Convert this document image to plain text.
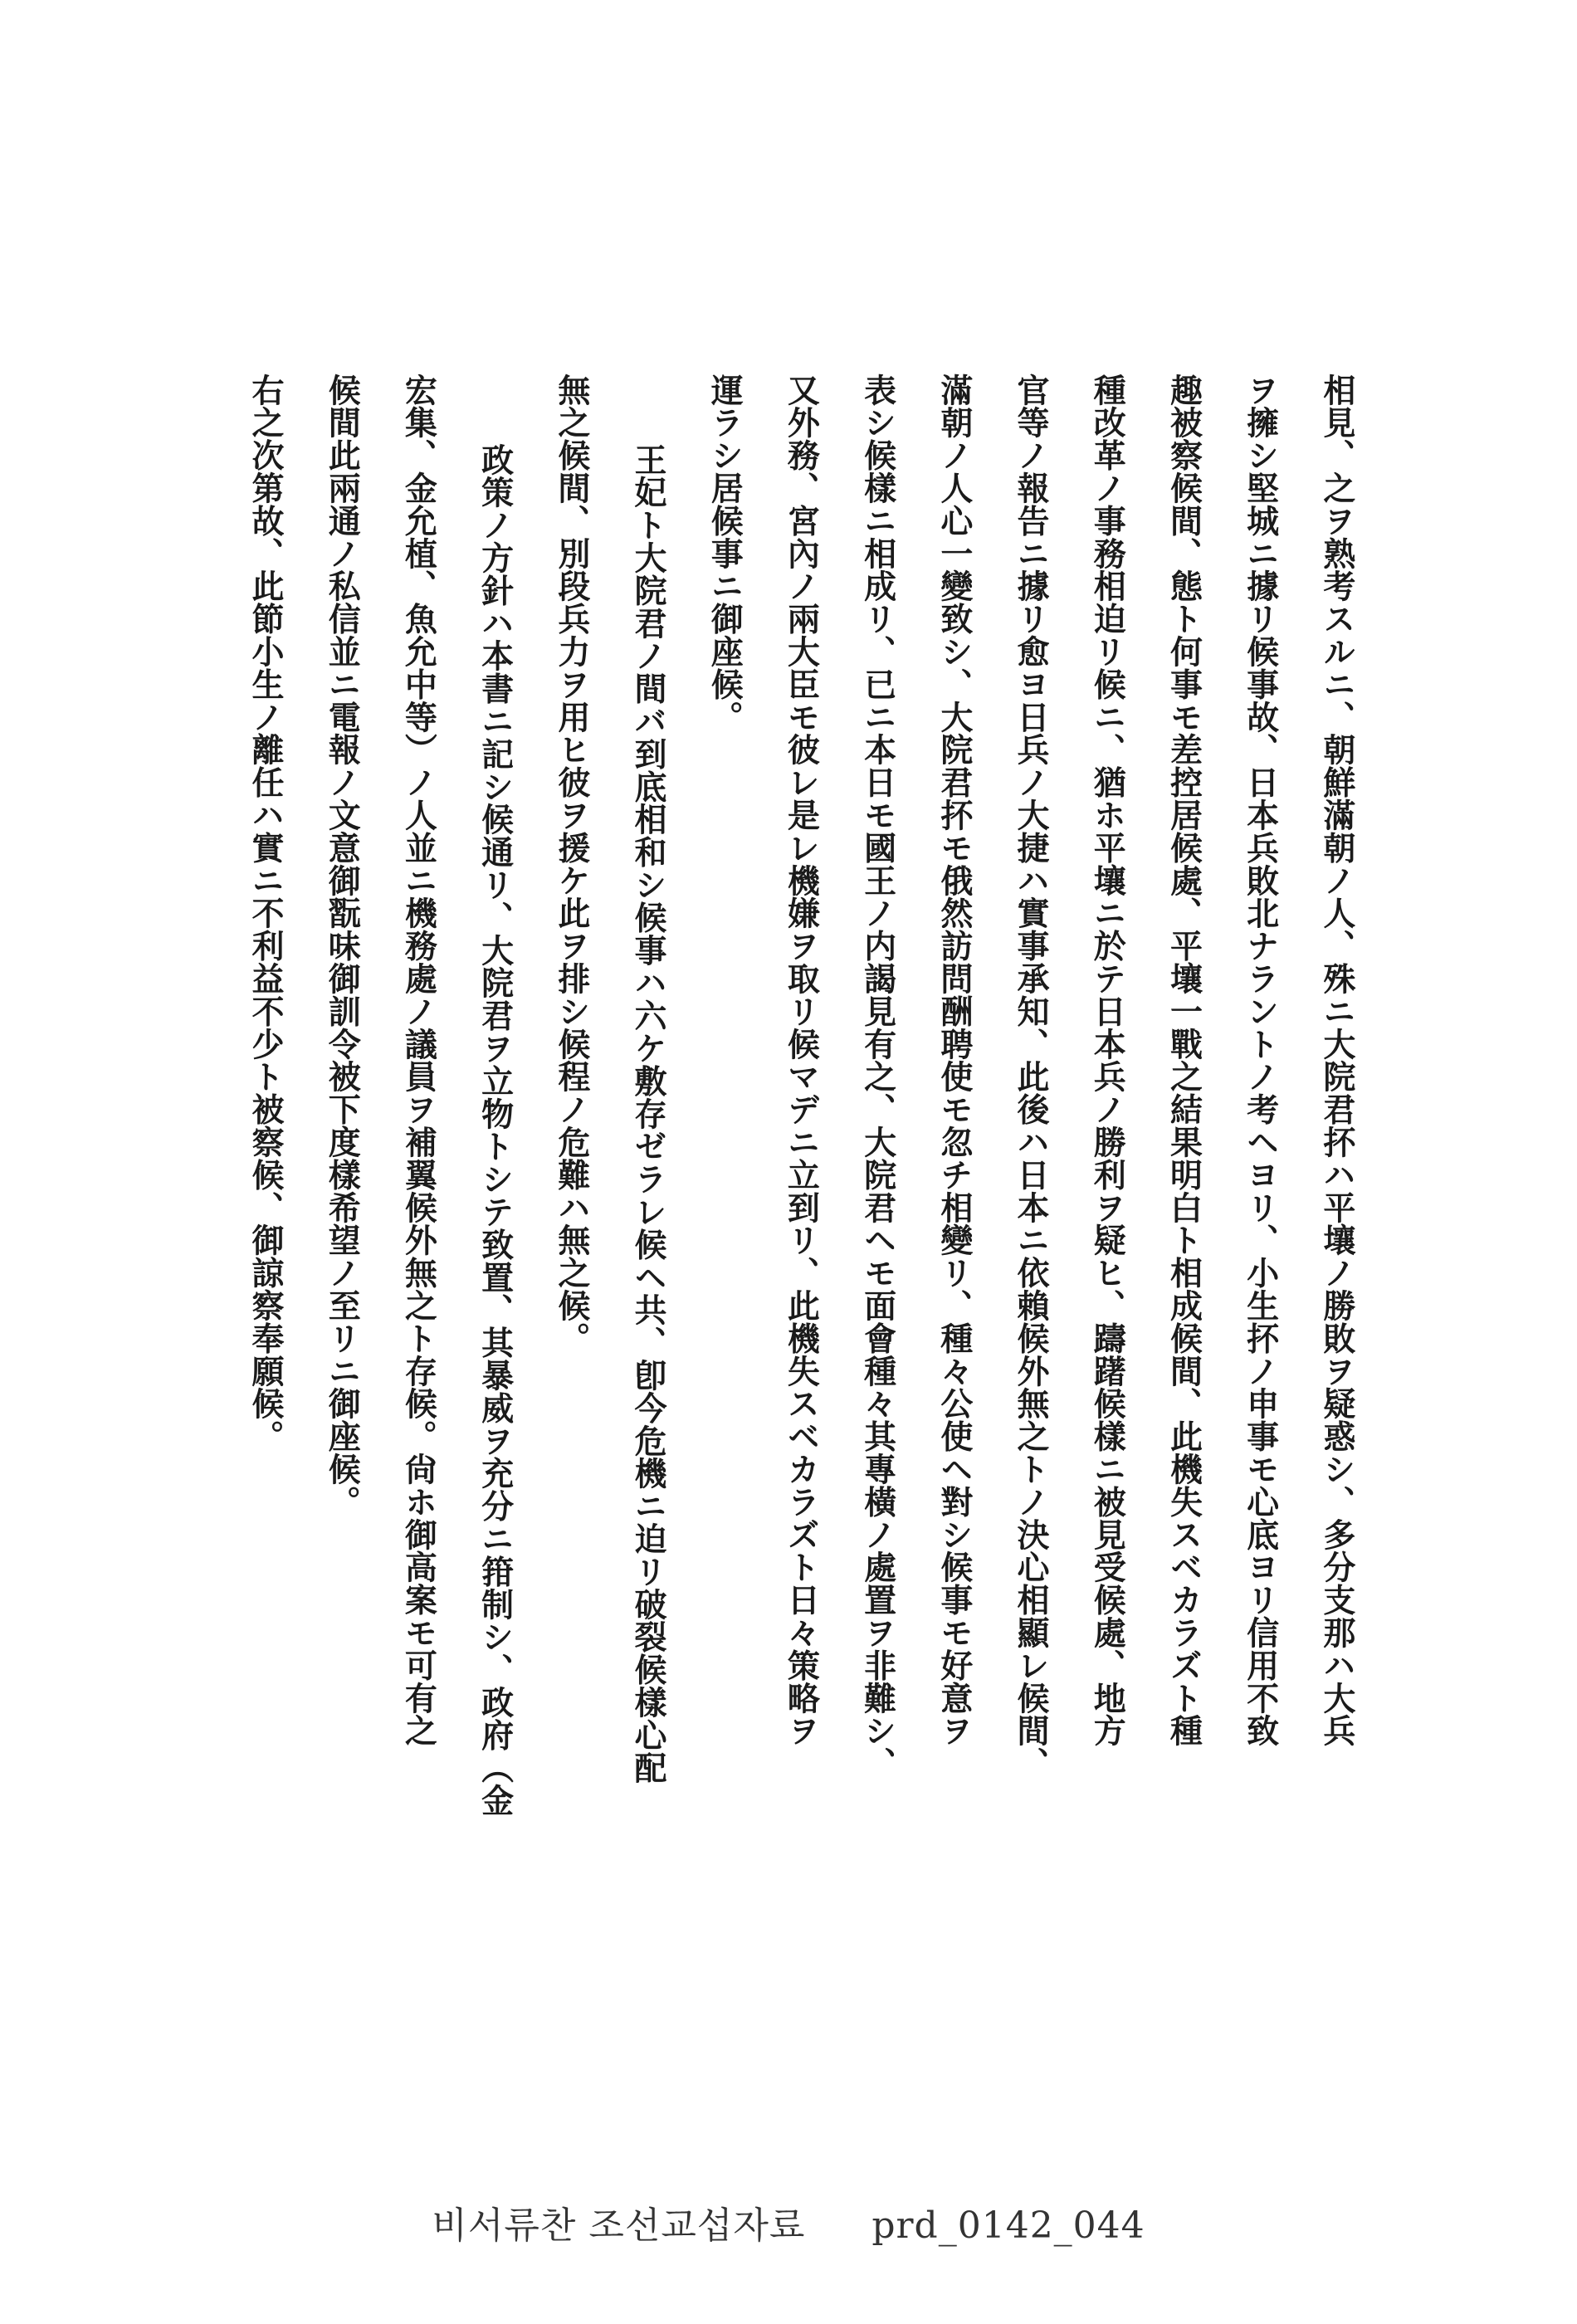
相見、之ヲ熟考スルニ、朝鮮滿朝ノ人、殊ニ大院君抔ハ平壤ノ勝敗ヲ疑惑シ、多分支那ハ大兵
ヲ擁シ堅城ニ據リ候事故、日本兵敗北ナラントノ考ヘヨリ、小生抔ノ申事モ心底ヨリ信用不致
趣被察候間、態ト何事モ差控居候處、平壤一戰之結果明白ト相成候間、此機失スベカラズト種
種改革ノ事務相迫リ候ニ、猶ホ平壤ニ於テ日本兵ノ勝利ヲ疑ヒ、躊躇候樣ニ被見受候處、地方
官等ノ報告ニ據リ愈ヨ日兵ノ大捷ハ實事承知、此後ハ日本ニ依賴候外無之トノ決心相顯レ候間、
滿朝ノ人心一變致シ、大院君抔モ俄然訪問酬聘使モ忽チ相變リ、種々公使ヘ對シ候事モ好意ヲ
表シ候樣ニ相成リ、已ニ本日モ國王ノ内謁見有之、大院君ヘモ面會種々其專橫ノ處置ヲ非難シ、
又外務、宮內ノ兩大臣モ彼レ是レ機嫌ヲ取リ候マデニ立到リ、此機失スベカラズト日々策略ヲ
運ラシ居候事ニ御座候。
王妃ト大院君ノ間バ到底相和シ候事ハ六ケ敷存ゼラレ候ヘ共、卽今危機ニ迫リ破裂候樣心配
無之候間、別段兵力ヲ用ヒ彼ヲ援ケ此ヲ排シ候程ノ危難ハ無之候。
政策ノ方針ハ本書ニ記シ候通リ、大院君ヲ立物トシテ致置、其暴威ヲ充分ニ箝制シ、政府（金
宏集、金允植、魚允中等）ノ人並ニ機務處ノ議員ヲ補翼候外無之ト存候。尙ホ御高案モ可有之
候間此兩通ノ私信並ニ電報ノ文意御翫味御訓令被下度樣希望ノ至リニ御座候。
右之次第故、此節小生ノ離任ハ實ニ不利益不少ト被察候、御諒察奉願候。
비서류찬 조선교섭자료 prd_0142_044
